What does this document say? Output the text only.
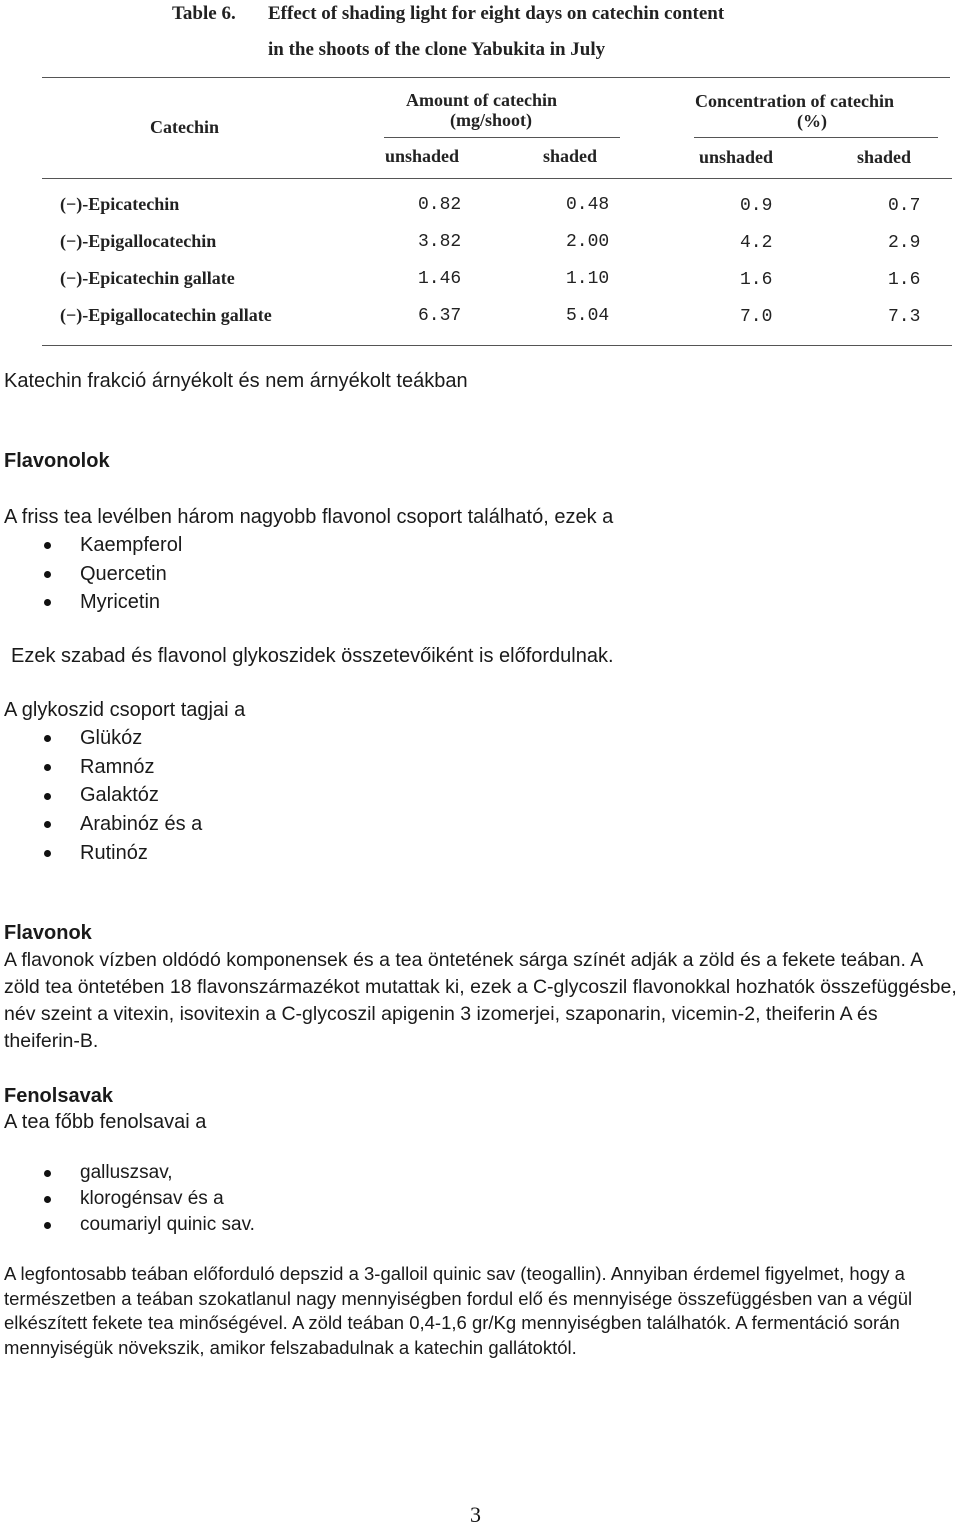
Table 6. Effect of shading light for eight days on catechin content
in the shoots of the clone Yabukita in July
Catechin
Amount of catechin
(mg/shoot)
Concentration of catechin
(%)
unshaded	shaded	unshaded	shaded
(−)-Epicatechin	0.82	0.48	0.9	0.7
(−)-Epigallocatechin	3.82	2.00	4.2	2.9
(−)-Epicatechin gallate	1.46	1.10	1.6	1.6
(−)-Epigallocatechin gallate	6.37	5.04	7.0	7.3
Katechin frakció árnyékolt és nem árnyékolt teákban
Flavonolok
A friss tea levélben három nagyobb flavonol csoport található, ezek a
Kaempferol
Quercetin
Myricetin
Ezek szabad és flavonol glykoszidek összetevőiként is előfordulnak.
A glykoszid csoport tagjai a
Glükóz
Ramnóz
Galaktóz
Arabinóz és a
Rutinóz
Flavonok
A flavonok vízben oldódó komponensek és a tea öntetének sárga színét adják a zöld és a fekete teában. A zöld tea öntetében 18 flavonszármazékot mutattak ki, ezek a C-glycoszil flavonokkal hozhatók összefüggésbe, név szeint a vitexin, isovitexin a C-glycoszil apigenin 3 izomerjei, szaponarin, vicemin-2, theiferin A és theiferin-B.
Fenolsavak
A tea főbb fenolsavai a
galluszsav,
klorogénsav és a
coumariyl quinic sav.
A legfontosabb teában előforduló depszid a 3-galloil quinic sav (teogallin). Annyiban érdemel figyelmet, hogy a természetben a teában szokatlanul nagy mennyiségben fordul elő és mennyisége összefüggésben van a végül elkészített fekete tea minőségével. A zöld teában 0,4-1,6 gr/Kg mennyiségben találhatók. A fermentáció során mennyiségük növekszik, amikor felszabadulnak a katechin gallátoktól.
3
